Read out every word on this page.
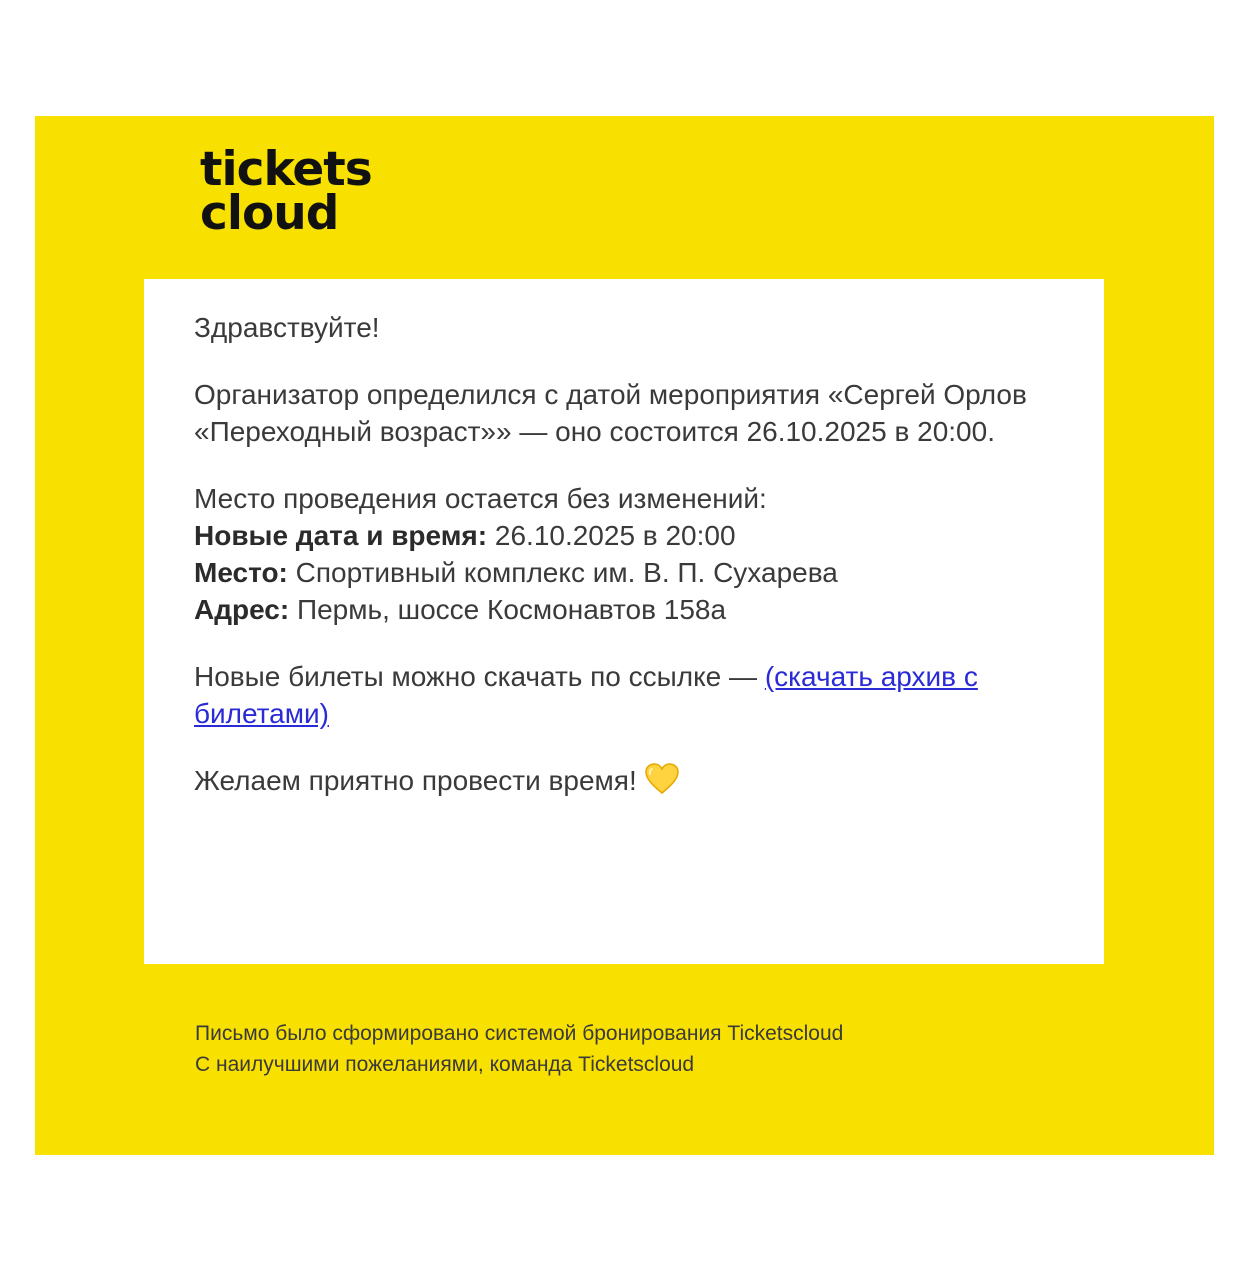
tickets
cloud

Здравствуйте!

Организатор определился с датой мероприятия «Сергей Орлов «Переходный возраст»» — оно состоится 26.10.2025 в 20:00.

Место проведения остается без изменений:
Новые дата и время: 26.10.2025 в 20:00
Место: Спортивный комплекс им. В. П. Сухарева
Адрес: Пермь, шоссе Космонавтов 158а

Новые билеты можно скачать по ссылке — (скачать архив с билетами)

Желаем приятно провести время!

Письмо было сформировано системой бронирования Ticketscloud
С наилучшими пожеланиями, команда Ticketscloud
